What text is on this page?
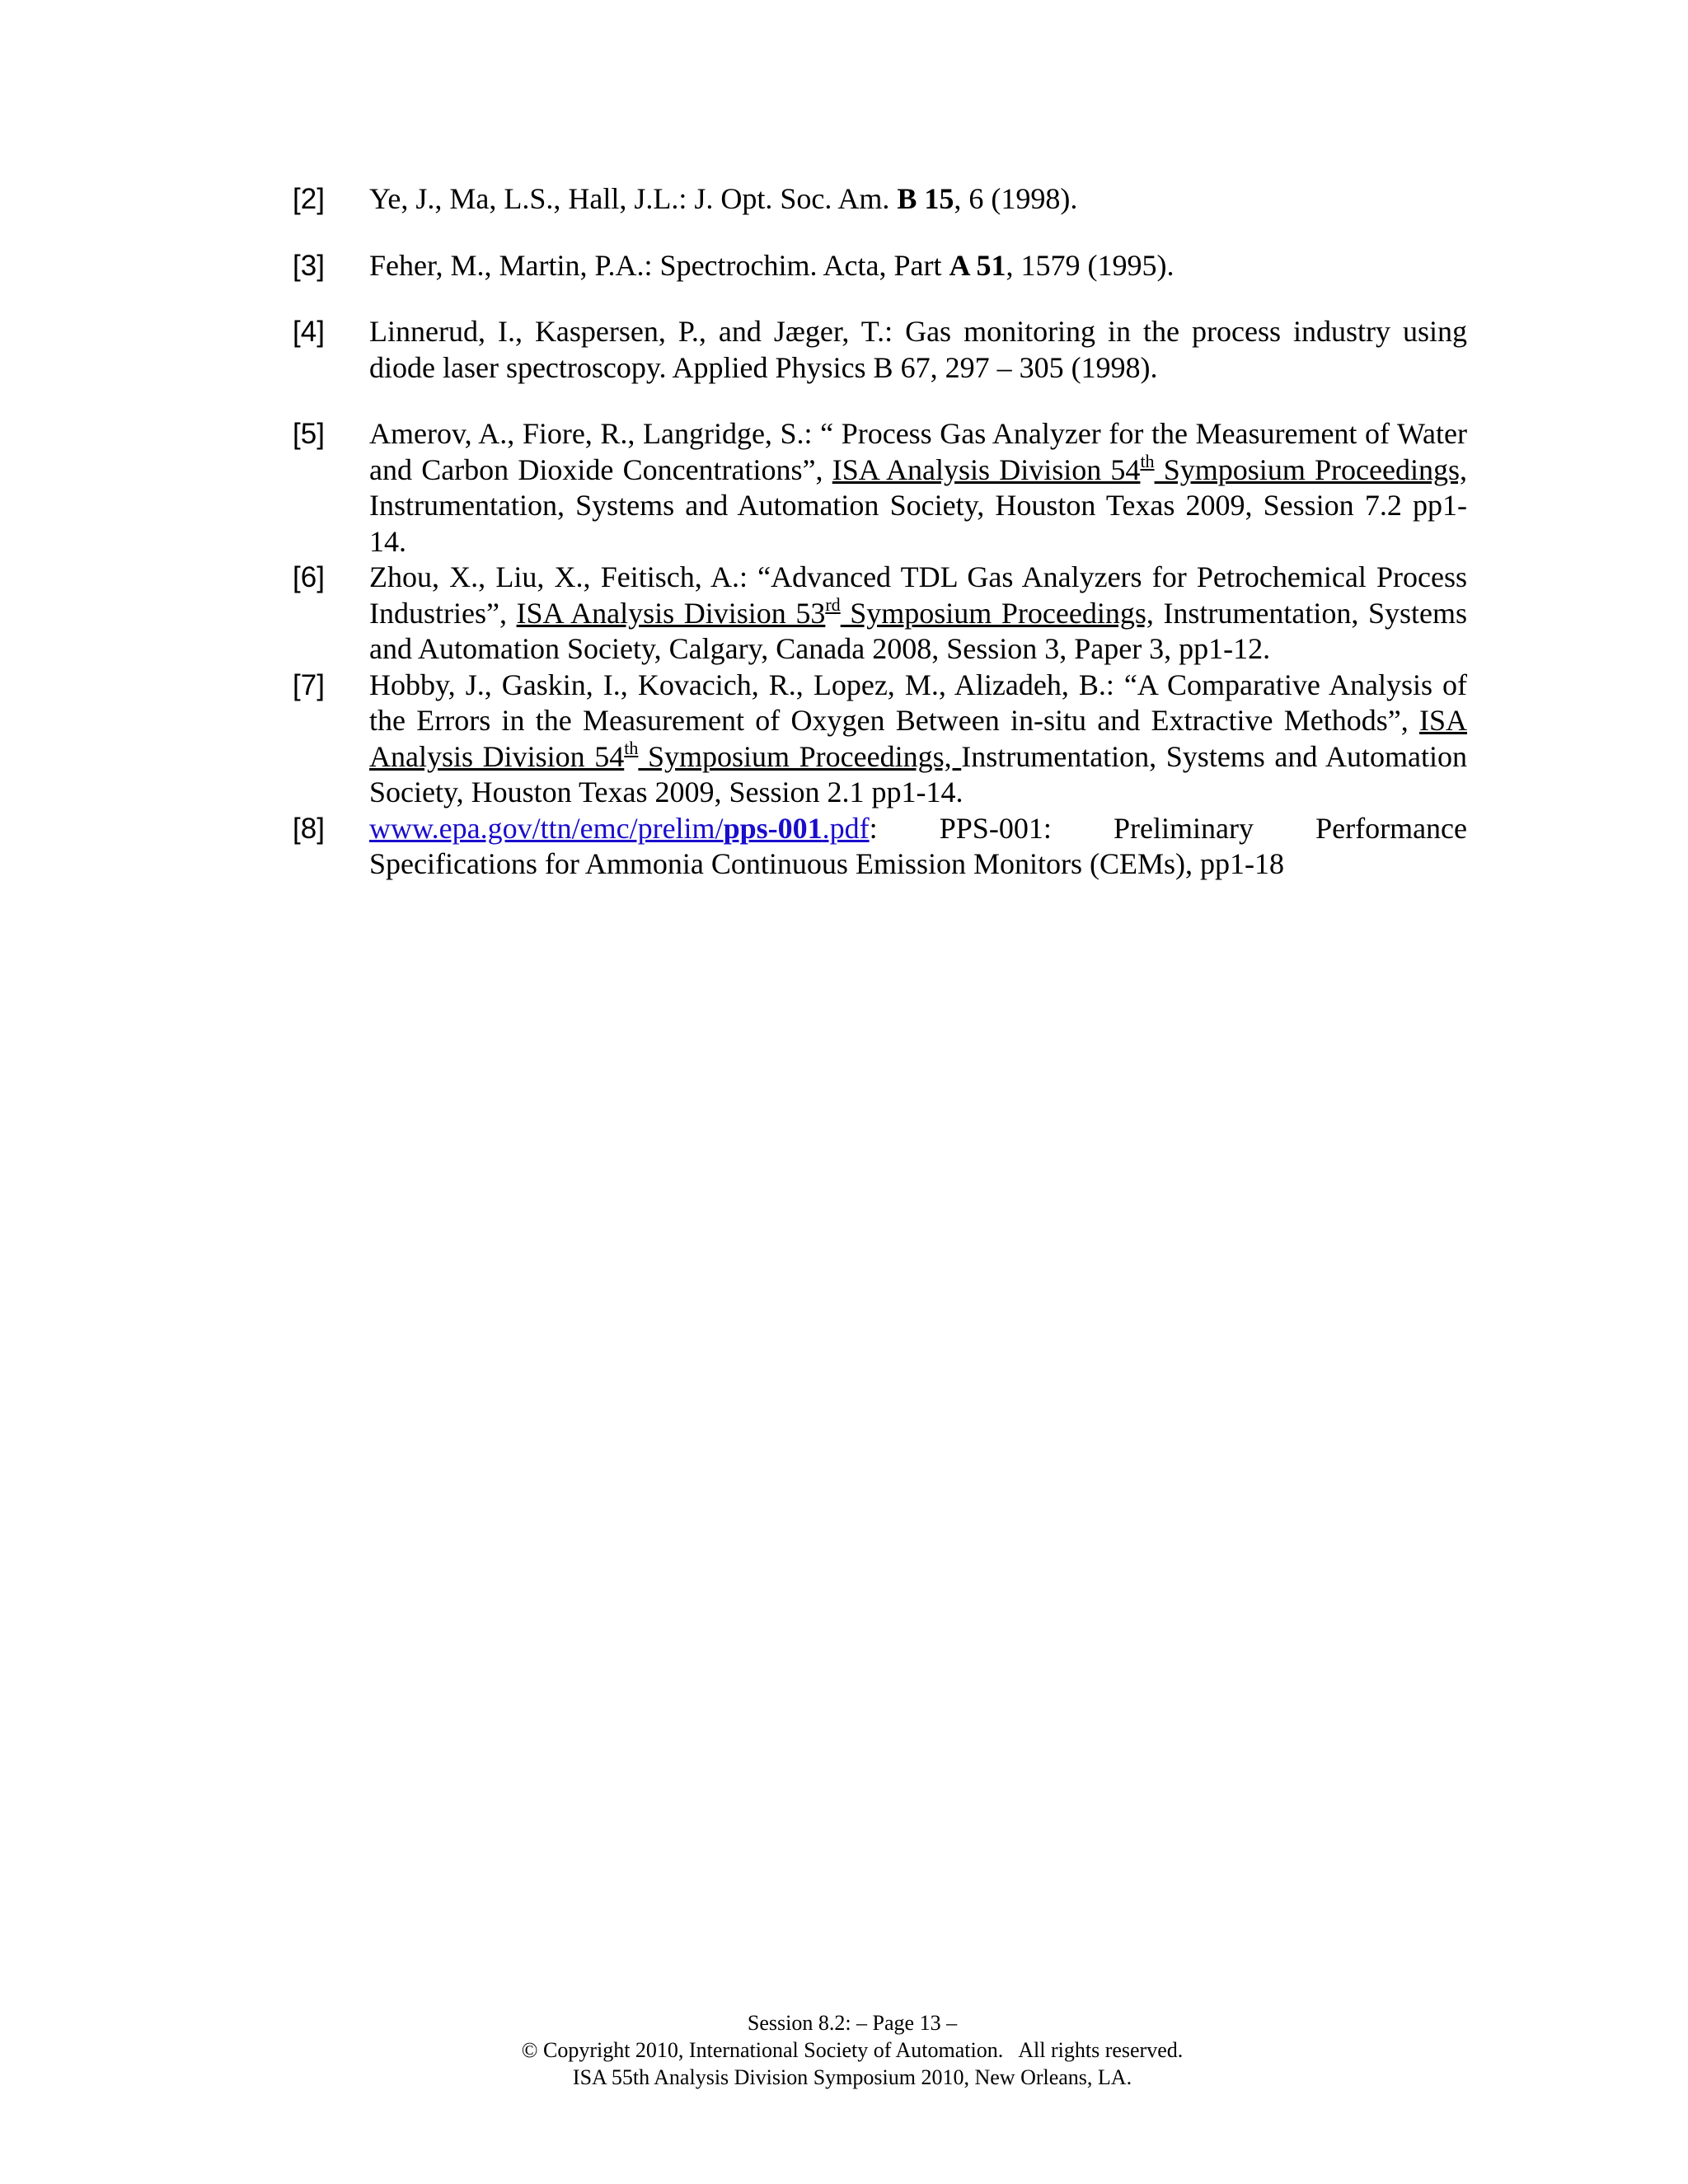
[2] Ye, J., Ma, L.S., Hall, J.L.: J. Opt. Soc. Am. B 15, 6 (1998).
[3] Feher, M., Martin, P.A.: Spectrochim. Acta, Part A 51, 1579 (1995).
[4] Linnerud, I., Kaspersen, P., and Jæger, T.: Gas monitoring in the process industry using diode laser spectroscopy. Applied Physics B 67, 297 – 305 (1998).
[5] Amerov, A., Fiore, R., Langridge, S.: “ Process Gas Analyzer for the Measurement of Water and Carbon Dioxide Concentrations”, ISA Analysis Division 54th Symposium Proceedings, Instrumentation, Systems and Automation Society, Houston Texas 2009, Session 7.2 pp1-14.
[6] Zhou, X., Liu, X., Feitisch, A.: “Advanced TDL Gas Analyzers for Petrochemical Process Industries”, ISA Analysis Division 53rd Symposium Proceedings, Instrumentation, Systems and Automation Society, Calgary, Canada 2008, Session 3, Paper 3, pp1-12.
[7] Hobby, J., Gaskin, I., Kovacich, R., Lopez, M., Alizadeh, B.: “A Comparative Analysis of the Errors in the Measurement of Oxygen Between in-situ and Extractive Methods”, ISA Analysis Division 54th Symposium Proceedings, Instrumentation, Systems and Automation Society, Houston Texas 2009, Session 2.1 pp1-14.
[8] www.epa.gov/ttn/emc/prelim/pps-001.pdf: PPS-001: Preliminary Performance Specifications for Ammonia Continuous Emission Monitors (CEMs), pp1-18
Session 8.2: – Page 13 –
© Copyright 2010, International Society of Automation.   All rights reserved.
ISA 55th Analysis Division Symposium 2010, New Orleans, LA.
